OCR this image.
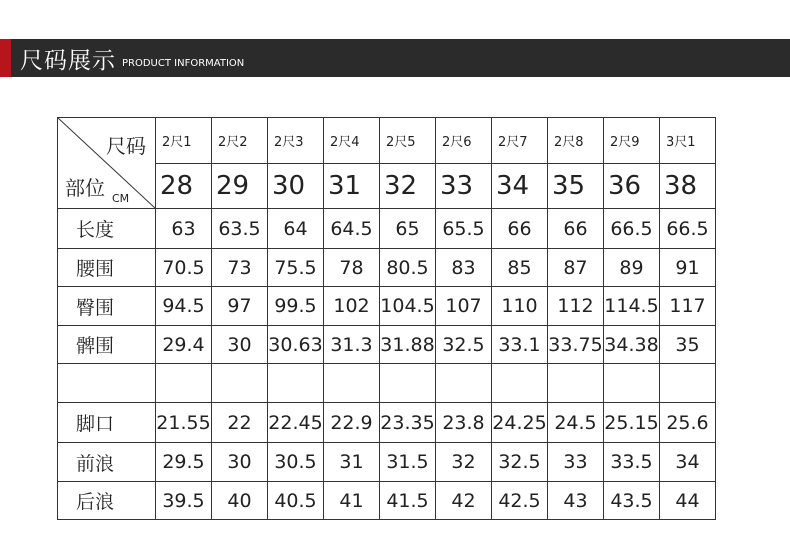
尺码展示 PRODUCT INFORMATION
尺码
部位 CM	2尺1	2尺2	2尺3	2尺4	2尺5	2尺6	2尺7	2尺8	2尺9	3尺1
	28	29	30	31	32	33	34	35	36	38
长度	63	63.5	64	64.5	65	65.5	66	66	66.5	66.5
腰围	70.5	73	75.5	78	80.5	83	85	87	89	91
臀围	94.5	97	99.5	102	104.5	107	110	112	114.5	117
髀围	29.4	30	30.63	31.3	31.88	32.5	33.1	33.75	34.38	35

脚口	21.55	22	22.45	22.9	23.35	23.8	24.25	24.5	25.15	25.6
前浪	29.5	30	30.5	31	31.5	32	32.5	33	33.5	34
后浪	39.5	40	40.5	41	41.5	42	42.5	43	43.5	44
